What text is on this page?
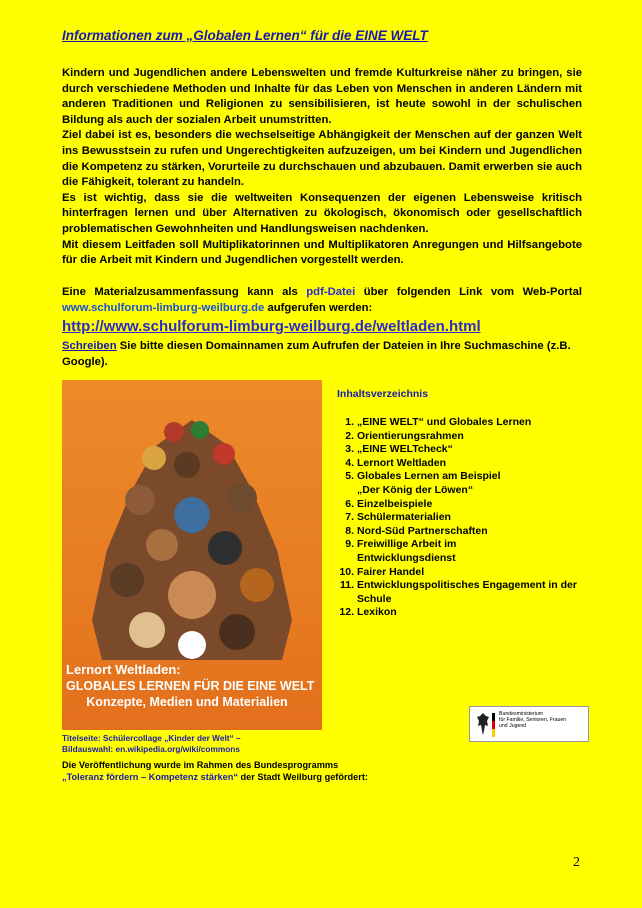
Informationen zum „Globalen Lernen“ für die EINE WELT

Kindern und Jugendlichen andere Lebenswelten und fremde Kulturkreise näher zu bringen, sie durch verschiedene Methoden und Inhalte für das Leben von Menschen in anderen Ländern mit anderen Traditionen und Religionen zu sensibilisieren, ist heute sowohl in der schulischen Bildung als auch der sozialen Arbeit unumstritten.

Ziel dabei ist es, besonders die wechselseitige Abhängigkeit der Menschen auf der ganzen Welt ins Bewusstsein zu rufen und Ungerechtigkeiten aufzuzeigen, um bei Kindern und Jugendlichen die Kompetenz zu stärken, Vorurteile zu durchschauen und abzubauen. Damit erwerben sie auch die Fähigkeit, tolerant zu handeln.

Es ist wichtig, dass sie die weltweiten Konsequenzen der eigenen Lebensweise kritisch hinterfragen lernen und über Alternativen zu ökologisch, ökonomisch oder gesellschaftlich problematischen Gewohnheiten und Handlungsweisen nachdenken.

Mit diesem Leitfaden soll Multiplikatorinnen und Multiplikatoren Anregungen und Hilfsangebote für die Arbeit mit Kindern und Jugendlichen vorgestellt werden.

Eine Materialzusammenfassung kann als pdf-Datei über folgenden Link vom Web-Portal www.schulforum-limburg-weilburg.de aufgerufen werden:

http://www.schulforum-limburg-weilburg.de/weltladen.html

Schreiben Sie bitte diesen Domainnamen zum Aufrufen der Dateien in Ihre Suchmaschine (z.B. Google).

Lernort Weltladen:
GLOBALES LERNEN FÜR DIE EINE WELT
Konzepte, Medien und Materialien
Inhaltsverzeichnis
1. „EINE WELT“ und Globales Lernen
2. Orientierungsrahmen
3. „EINE WELTcheck“
4. Lernort Weltladen
5. Globales Lernen am Beispiel
„Der König der Löwen“
6. Einzelbeispiele
7. Schülermaterialien
8. Nord-Süd Partnerschaften
9. Freiwillige Arbeit im
Entwicklungsdienst
10. Fairer Handel
11. Entwicklungspolitisches Engagement in der
Schule
12. Lexikon
Bundesministerium
für Familie, Senioren, Frauen
und Jugend
Titelseite: Schülercollage „Kinder der Welt“ –
Bildauswahl: en.wikipedia.org/wiki/commons
Die Veröffentlichung wurde im Rahmen des Bundesprogramms
„Toleranz fördern – Kompetenz stärken“ der Stadt Weilburg gefördert:
2
